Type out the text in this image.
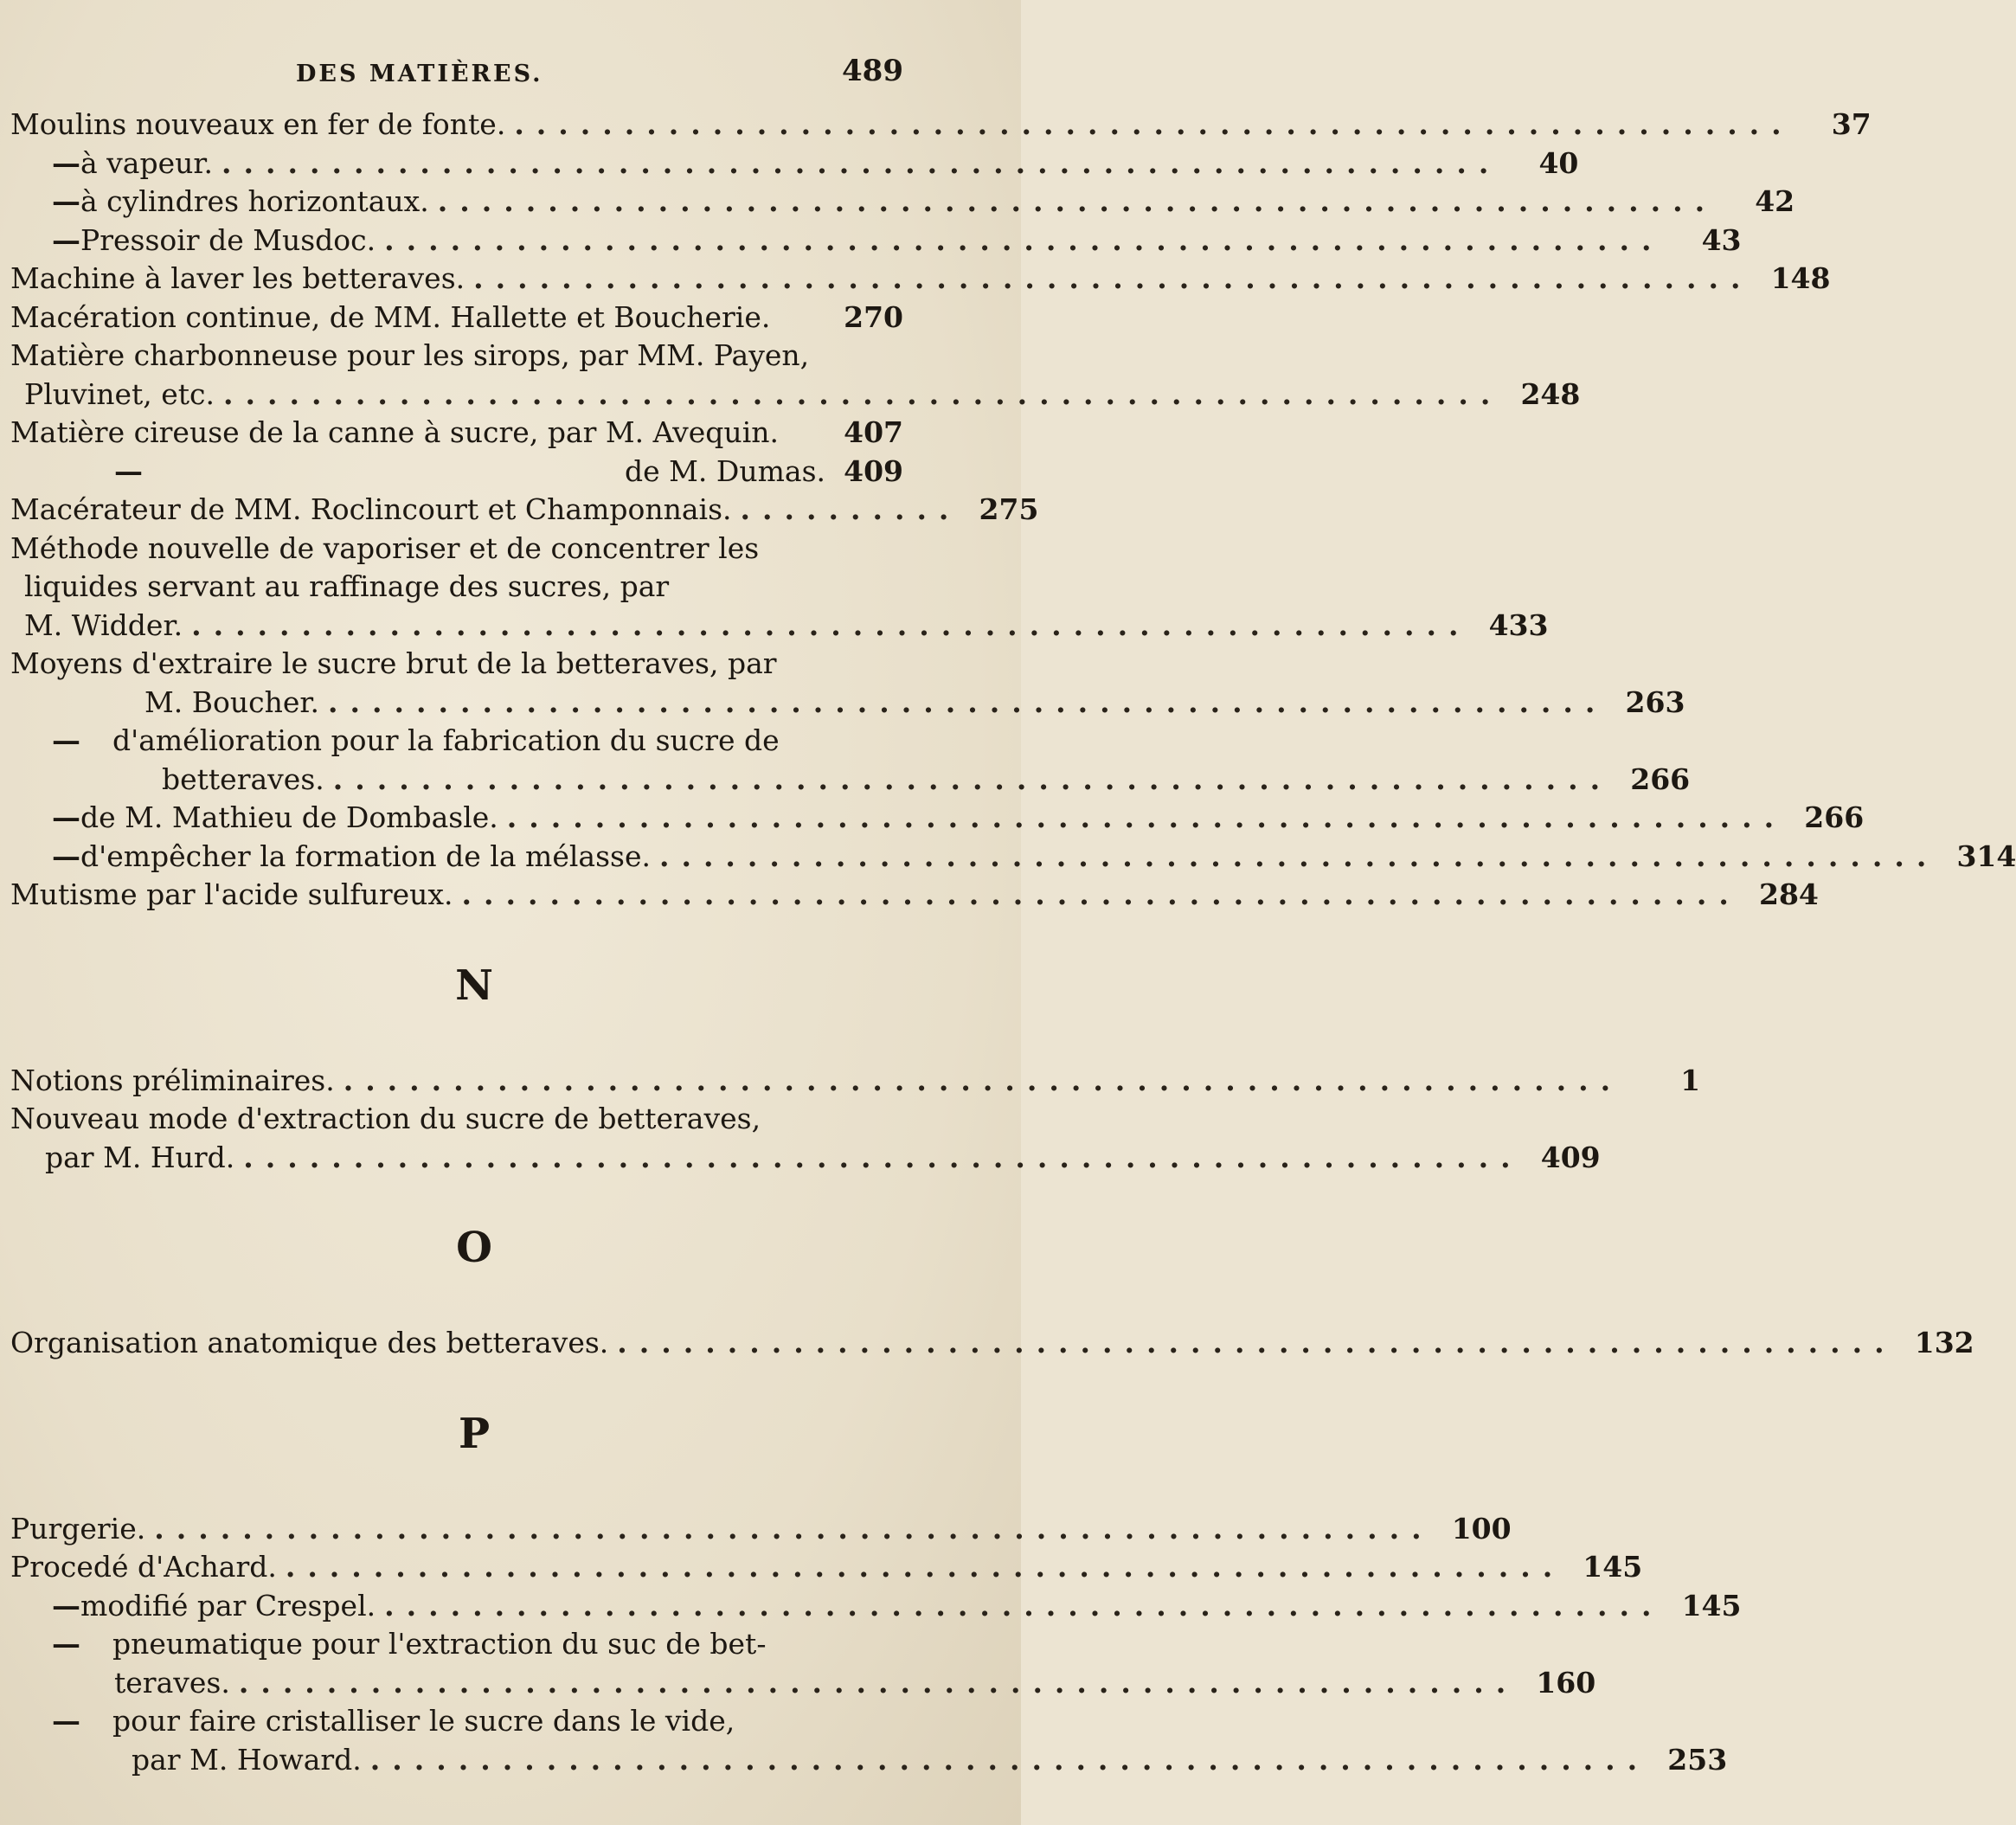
DES MATIÈRES.	489
Moulins nouveaux en fer de fonte. ..........................................................	37
— à vapeur. ..........................................................	40
— à cylindres horizontaux. ..........................................................	42
— Pressoir de Musdoc. ..........................................................	43
Machine à laver les betteraves. .......................................................... 148
Macération continue, de MM. Hallette et Boucherie.	270
Matière charbonneuse pour les sirops, par MM. Payen,
Pluvinet, etc. .......................................................... 248
Matière cireuse de la canne à sucre, par M. Avequin.	407
—	de M. Dumas. 409
Macérateur de MM. Roclincourt et Champonnais. .......... 275
Méthode nouvelle de vaporiser et de concentrer les
liquides servant au raffinage des sucres, par
M. Widder. .......................................................... 433
Moyens d'extraire le sucre brut de la betteraves, par
M. Boucher. .......................................................... 263
— d'amélioration pour la fabrication du sucre de
betteraves. .......................................................... 266
— de M. Mathieu de Dombasle. .......................................................... 266
— d'empêcher la formation de la mélasse. .......................................................... 314
Mutisme par l'acide sulfureux. .......................................................... 284
N
Notions préliminaires. ..........................................................	1
Nouveau mode d'extraction du sucre de betteraves,
par M. Hurd. .......................................................... 409
O
Organisation anatomique des betteraves. .......................................................... 132
P
Purgerie. .......................................................... 100
Procedé d'Achard. .......................................................... 145
— modifié par Crespel. .......................................................... 145
— pneumatique pour l'extraction du suc de bet-
teraves. .......................................................... 160
— pour faire cristalliser le sucre dans le vide,
par M. Howard. .......................................................... 253
